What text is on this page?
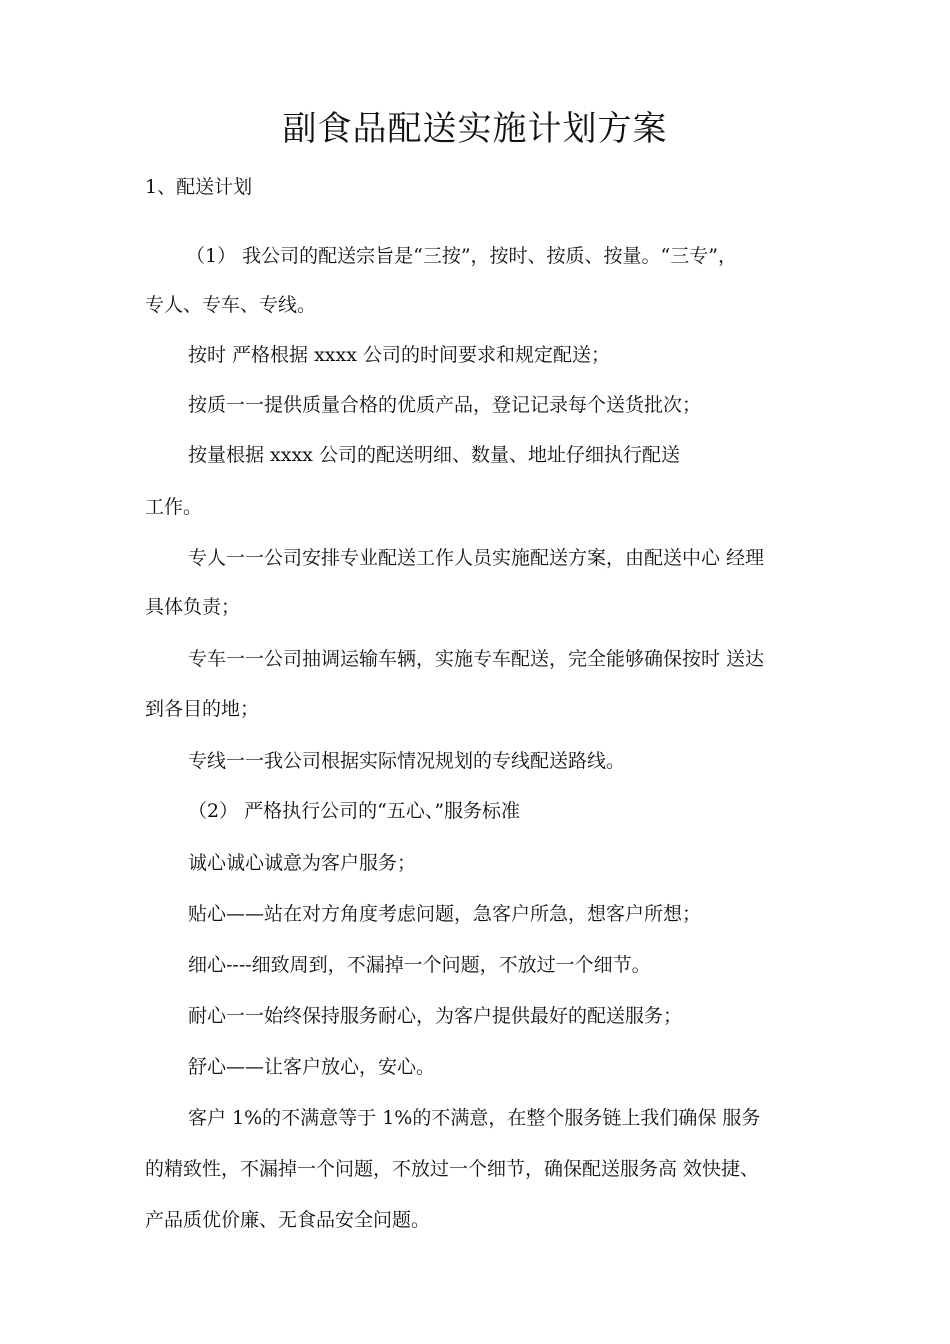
副食品配送实施计划方案
1、配送计划
（1） 我公司的配送宗旨是“三按”，按时、按质、按量。“三专”，
专人、专车、专线。
按时 严格根据 xxxx 公司的时间要求和规定配送；
按质一一提供质量合格的优质产品，登记记录每个送货批次；
按量根据 xxxx 公司的配送明细、数量、地址仔细执行配送
工作。
专人一一公司安排专业配送工作人员实施配送方案，由配送中心 经理
具体负责；
专车一一公司抽调运输车辆，实施专车配送，完全能够确保按时 送达
到各目的地；
专线一一我公司根据实际情况规划的专线配送路线。
（2） 严格执行公司的“五心、”服务标准
诚心诚心诚意为客户服务；
贴心——站在对方角度考虑问题，急客户所急，想客户所想；
细心----细致周到，不漏掉一个问题，不放过一个细节。
耐心一一始终保持服务耐心，为客户提供最好的配送服务；
舒心——让客户放心，安心。
客户 1%的不满意等于 1%的不满意，在整个服务链上我们确保 服务
的精致性，不漏掉一个问题，不放过一个细节，确保配送服务高 效快捷、
产品质优价廉、无食品安全问题。
